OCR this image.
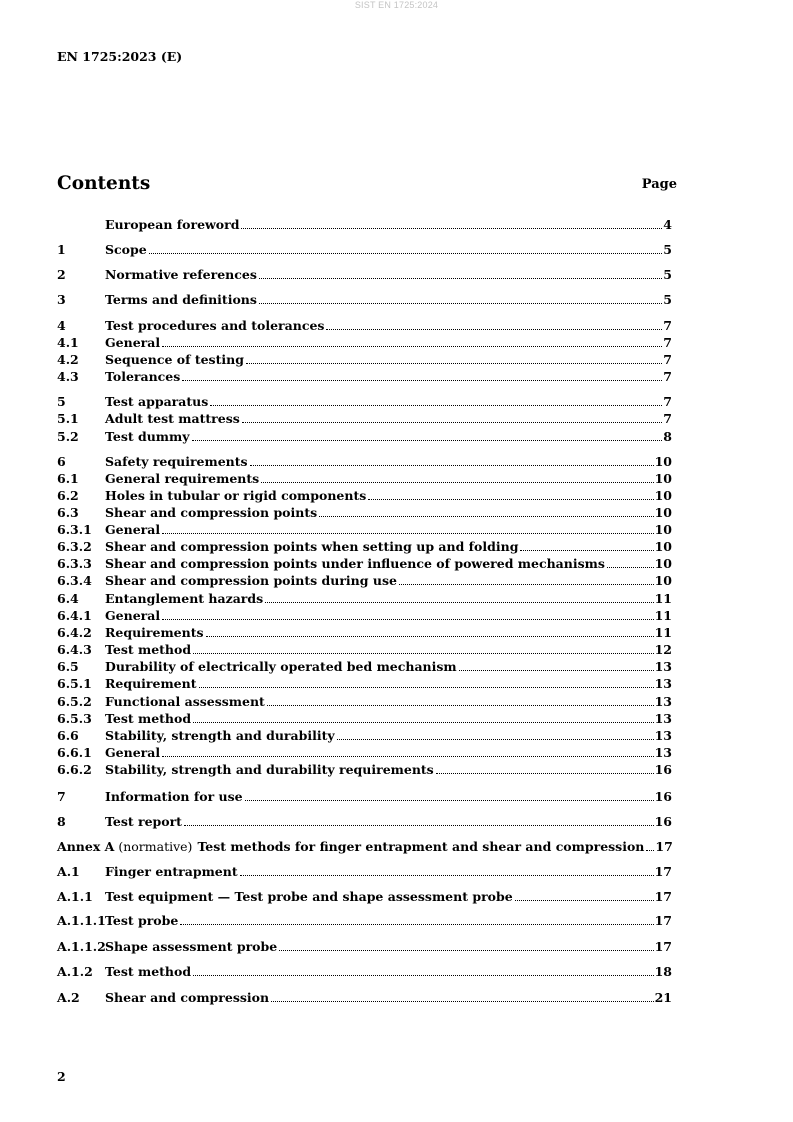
SIST EN 1725:2024
EN 1725:2023 (E)
Contents	Page
European foreword	4
1	Scope	5
2	Normative references	5
3	Terms and definitions	5
4	Test procedures and tolerances	7
4.1	General	7
4.2	Sequence of testing	7
4.3	Tolerances	7
5	Test apparatus	7
5.1	Adult test mattress	7
5.2	Test dummy	8
6	Safety requirements	10
6.1	General requirements	10
6.2	Holes in tubular or rigid components	10
6.3	Shear and compression points	10
6.3.1	General	10
6.3.2	Shear and compression points when setting up and folding	10
6.3.3	Shear and compression points under influence of powered mechanisms	10
6.3.4	Shear and compression points during use	10
6.4	Entanglement hazards	11
6.4.1	General	11
6.4.2	Requirements	11
6.4.3	Test method	12
6.5	Durability of electrically operated bed mechanism	13
6.5.1	Requirement	13
6.5.2	Functional assessment	13
6.5.3	Test method	13
6.6	Stability, strength and durability	13
6.6.1	General	13
6.6.2	Stability, strength and durability requirements	16
7	Information for use	16
8	Test report	16
Annex A (normative) Test methods for finger entrapment and shear and compression 17
A.1	Finger entrapment	17
A.1.1 Test equipment — Test probe and shape assessment probe	17
A.1.1.1 Test probe	17
A.1.1.2 Shape assessment probe	17
A.1.2 Test method	18
A.2	Shear and compression	21
2
